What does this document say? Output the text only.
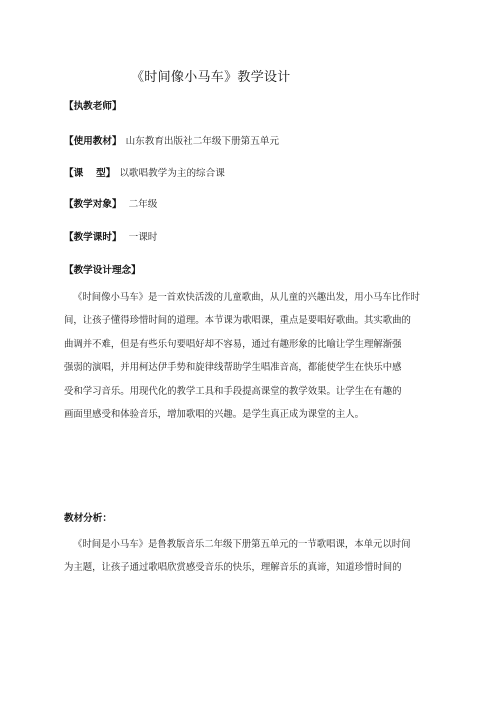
《时间像小马车》教学设计
【执教老师】
【使用教材】 山东教育出版社二年级下册第五单元
【课　 型】 以歌唱教学为主的综合课
【教学对象】 二年级
【教学课时】 一课时
【教学设计理念】
《时间像小马车》是一首欢快活泼的儿童歌曲，从儿童的兴趣出发，用小马车比作时
间，让孩子懂得珍惜时间的道理。本节课为歌唱课，重点是要唱好歌曲。其实歌曲的
曲调并不难，但是有些乐句要唱好却不容易，通过有趣形象的比喻让学生理解渐强
强弱的演唱，并用柯达伊手势和旋律线帮助学生唱准音高，都能使学生在快乐中感
受和学习音乐。用现代化的教学工具和手段提高课堂的教学效果。让学生在有趣的
画面里感受和体验音乐，增加歌唱的兴趣。是学生真正成为课堂的主人。
教材分析：
《时间是小马车》是鲁教版音乐二年级下册第五单元的一节歌唱课，本单元以时间
为主题，让孩子通过歌唱欣赏感受音乐的快乐，理解音乐的真谛，知道珍惜时间的
